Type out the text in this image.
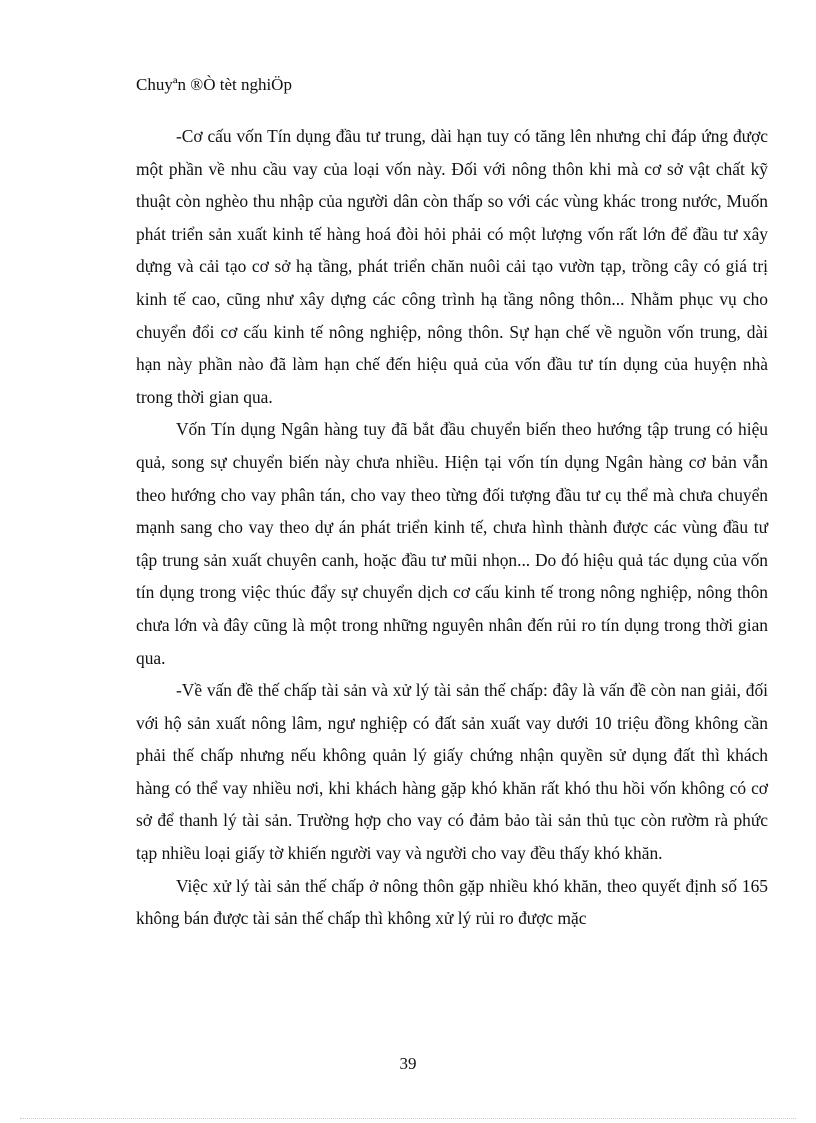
Chuyªn ®Ò tèt nghiÖp

-Cơ cấu vốn Tín dụng đầu tư trung, dài hạn tuy có tăng lên nhưng chỉ đáp ứng được một phần về nhu cầu vay của loại vốn này. Đối với nông thôn khi mà cơ sở vật chất kỹ thuật còn nghèo thu nhập của người dân còn thấp so với các vùng khác trong nước, Muốn phát triển sản xuất kinh tế hàng hoá đòi hỏi phải có một lượng vốn rất lớn để đầu tư xây dựng và cải tạo cơ sở hạ tầng, phát triển chăn nuôi cải tạo vườn tạp, trồng cây có giá trị kinh tế cao, cũng như xây dựng các công trình hạ tầng nông thôn... Nhằm phục vụ cho chuyển đổi cơ cấu kinh tế nông nghiệp, nông thôn. Sự hạn chế về nguồn vốn trung, dài hạn này phần nào đã làm hạn chế đến hiệu quả của vốn đầu tư tín dụng của huyện nhà trong thời gian qua.

Vốn Tín dụng Ngân hàng tuy đã bắt đầu chuyển biến theo hướng tập trung có hiệu quả, song sự chuyển biến này chưa nhiều. Hiện tại vốn tín dụng Ngân hàng cơ bản vẫn theo hướng cho vay phân tán, cho vay theo từng đối tượng đầu tư cụ thể mà chưa chuyển mạnh sang cho vay theo dự án phát triển kinh tế, chưa hình thành được các vùng đầu tư tập trung sản xuất chuyên canh, hoặc đầu tư mũi nhọn... Do đó hiệu quả tác dụng của vốn tín dụng trong việc thúc đẩy sự chuyển dịch cơ cấu kinh tế trong nông nghiệp, nông thôn chưa lớn và đây cũng là một trong những nguyên nhân đến rủi ro tín dụng trong thời gian qua.

-Về vấn đề thế chấp tài sản và xử lý tài sản thế chấp: đây là vấn đề còn nan giải, đối với hộ sản xuất nông lâm, ngư nghiệp có đất sản xuất vay dưới 10 triệu đồng không cần phải thế chấp nhưng nếu không quản lý giấy chứng nhận quyền sử dụng đất thì khách hàng có thể vay nhiều nơi, khi khách hàng gặp khó khăn rất khó thu hồi vốn không có cơ sở để thanh lý tài sản. Trường hợp cho vay có đảm bảo tài sản thủ tục còn rườm rà phức tạp nhiều loại giấy tờ khiến người vay và người cho vay đều thấy khó khăn.

Việc xử lý tài sản thế chấp ở nông thôn gặp nhiều khó khăn, theo quyết định số 165 không bán được tài sản thế chấp thì không xử lý rủi ro được mặc

39
